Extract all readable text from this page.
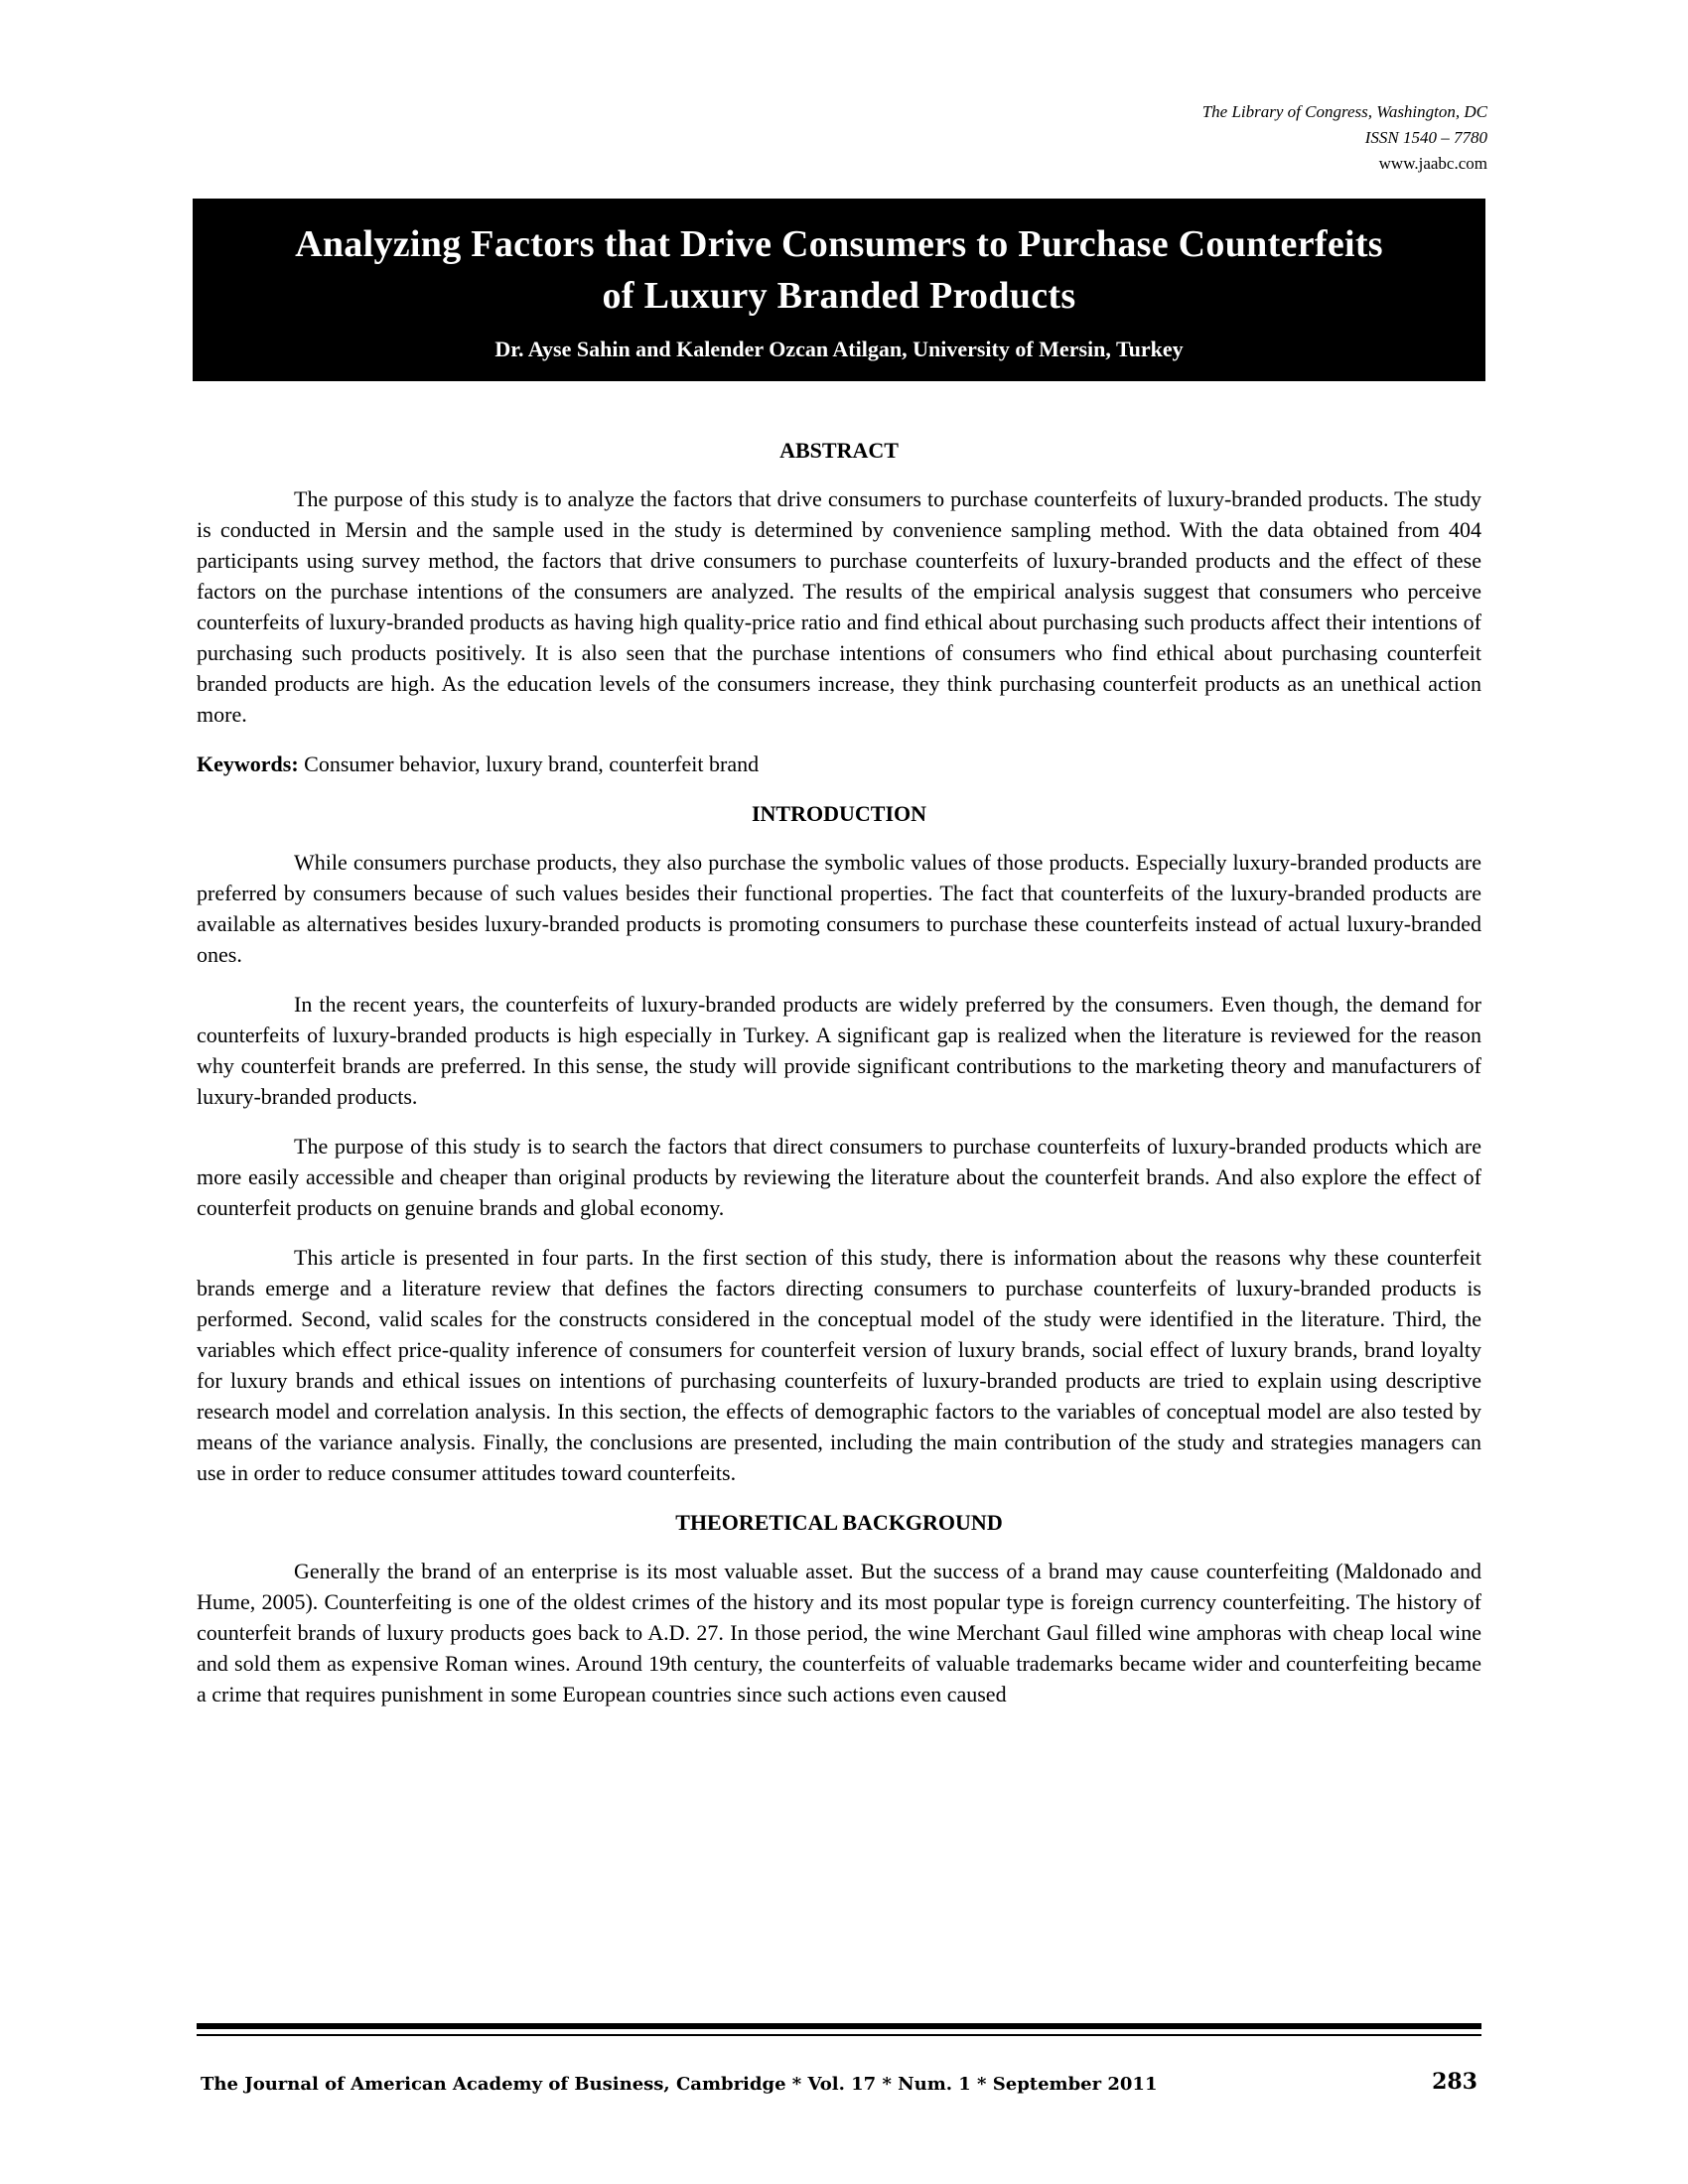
The Library of Congress, Washington, DC
ISSN 1540 – 7780
www.jaabc.com
Analyzing Factors that Drive Consumers to Purchase Counterfeits
of Luxury Branded Products
Dr. Ayse Sahin and Kalender Ozcan Atilgan, University of Mersin, Turkey
ABSTRACT

The purpose of this study is to analyze the factors that drive consumers to purchase counterfeits of luxury-branded products. The study is conducted in Mersin and the sample used in the study is determined by convenience sampling method. With the data obtained from 404 participants using survey method, the factors that drive consumers to purchase counterfeits of luxury-branded products and the effect of these factors on the purchase intentions of the consumers are analyzed. The results of the empirical analysis suggest that consumers who perceive counterfeits of luxury-branded products as having high quality-price ratio and find ethical about purchasing such products affect their intentions of purchasing such products positively. It is also seen that the purchase intentions of consumers who find ethical about purchasing counterfeit branded products are high. As the education levels of the consumers increase, they think purchasing counterfeit products as an unethical action more.

Keywords: Consumer behavior, luxury brand, counterfeit brand

INTRODUCTION

While consumers purchase products, they also purchase the symbolic values of those products. Especially luxury-branded products are preferred by consumers because of such values besides their functional properties. The fact that counterfeits of the luxury-branded products are available as alternatives besides luxury-branded products is promoting consumers to purchase these counterfeits instead of actual luxury-branded ones.

In the recent years, the counterfeits of luxury-branded products are widely preferred by the consumers. Even though, the demand for counterfeits of luxury-branded products is high especially in Turkey. A significant gap is realized when the literature is reviewed for the reason why counterfeit brands are preferred. In this sense, the study will provide significant contributions to the marketing theory and manufacturers of luxury-branded products.

The purpose of this study is to search the factors that direct consumers to purchase counterfeits of luxury-branded products which are more easily accessible and cheaper than original products by reviewing the literature about the counterfeit brands. And also explore the effect of counterfeit products on genuine brands and global economy.

This article is presented in four parts. In the first section of this study, there is information about the reasons why these counterfeit brands emerge and a literature review that defines the factors directing consumers to purchase counterfeits of luxury-branded products is performed. Second, valid scales for the constructs considered in the conceptual model of the study were identified in the literature. Third, the variables which effect price-quality inference of consumers for counterfeit version of luxury brands, social effect of luxury brands, brand loyalty for luxury brands and ethical issues on intentions of purchasing counterfeits of luxury-branded products are tried to explain using descriptive research model and correlation analysis. In this section, the effects of demographic factors to the variables of conceptual model are also tested by means of the variance analysis. Finally, the conclusions are presented, including the main contribution of the study and strategies managers can use in order to reduce consumer attitudes toward counterfeits.

THEORETICAL BACKGROUND

Generally the brand of an enterprise is its most valuable asset. But the success of a brand may cause counterfeiting (Maldonado and Hume, 2005). Counterfeiting is one of the oldest crimes of the history and its most popular type is foreign currency counterfeiting. The history of counterfeit brands of luxury products goes back to A.D. 27. In those period, the wine Merchant Gaul filled wine amphoras with cheap local wine and sold them as expensive Roman wines. Around 19th century, the counterfeits of valuable trademarks became wider and counterfeiting became a crime that requires punishment in some European countries since such actions even caused

The Journal of American Academy of Business, Cambridge * Vol. 17 * Num. 1 * September 2011	283
